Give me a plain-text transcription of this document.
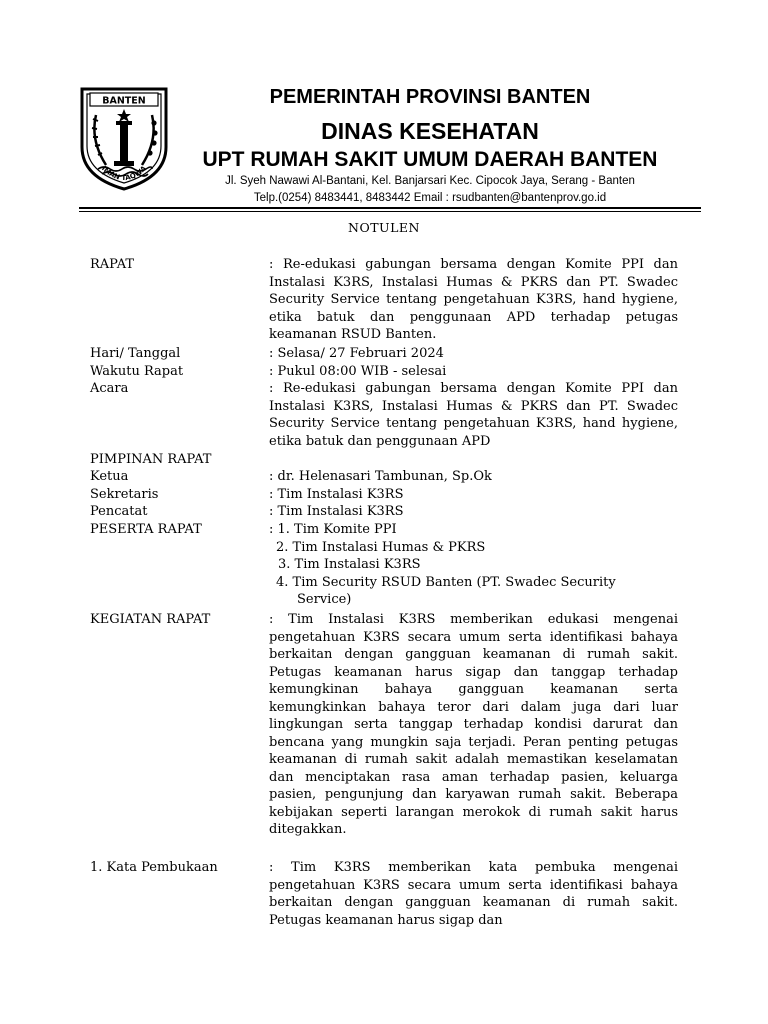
BANTEN
IMAN TAQWA
PEMERINTAH PROVINSI BANTEN
DINAS KESEHATAN
UPT RUMAH SAKIT UMUM DAERAH BANTEN
Jl. Syeh Nawawi Al-Bantani, Kel. Banjarsari Kec. Cipocok Jaya, Serang - Banten
Telp.(0254) 8483441, 8483442 Email : rsudbanten@bantenprov.go.id
NOTULEN
RAPAT	: Re-edukasi gabungan bersama dengan Komite PPI dan Instalasi K3RS, Instalasi Humas & PKRS dan PT. Swadec Security Service tentang pengetahuan K3RS, hand hygiene, etika batuk dan penggunaan APD terhadap petugas keamanan RSUD Banten.
Hari/ Tanggal	: Selasa/ 27 Februari 2024
Wakutu Rapat	: Pukul 08:00 WIB - selesai
Acara	: Re-edukasi gabungan bersama dengan Komite PPI dan Instalasi K3RS, Instalasi Humas & PKRS dan PT. Swadec Security Service tentang pengetahuan K3RS, hand hygiene, etika batuk dan penggunaan APD
PIMPINAN RAPAT
Ketua	: dr. Helenasari Tambunan, Sp.Ok
Sekretaris	: Tim Instalasi K3RS
Pencatat	: Tim Instalasi K3RS
PESERTA RAPAT	: 1. Tim Komite PPI
2. Tim Instalasi Humas & PKRS
3. Tim Instalasi K3RS
4. Tim Security RSUD Banten (PT. Swadec Security
Service)
KEGIATAN RAPAT	: Tim Instalasi K3RS memberikan edukasi mengenai pengetahuan K3RS secara umum serta identifikasi bahaya berkaitan dengan gangguan keamanan di rumah sakit. Petugas keamanan harus sigap dan tanggap terhadap kemungkinan bahaya gangguan keamanan serta kemungkinkan bahaya teror dari dalam juga dari luar lingkungan serta tanggap terhadap kondisi darurat dan bencana yang mungkin saja terjadi. Peran penting petugas keamanan di rumah sakit adalah memastikan keselamatan dan menciptakan rasa aman terhadap pasien, keluarga pasien, pengunjung dan karyawan rumah sakit. Beberapa kebijakan seperti larangan merokok di rumah sakit harus ditegakkan.
1. Kata Pembukaan	: Tim K3RS memberikan kata pembuka mengenai pengetahuan K3RS secara umum serta identifikasi bahaya berkaitan dengan gangguan keamanan di rumah sakit. Petugas keamanan harus sigap dan
